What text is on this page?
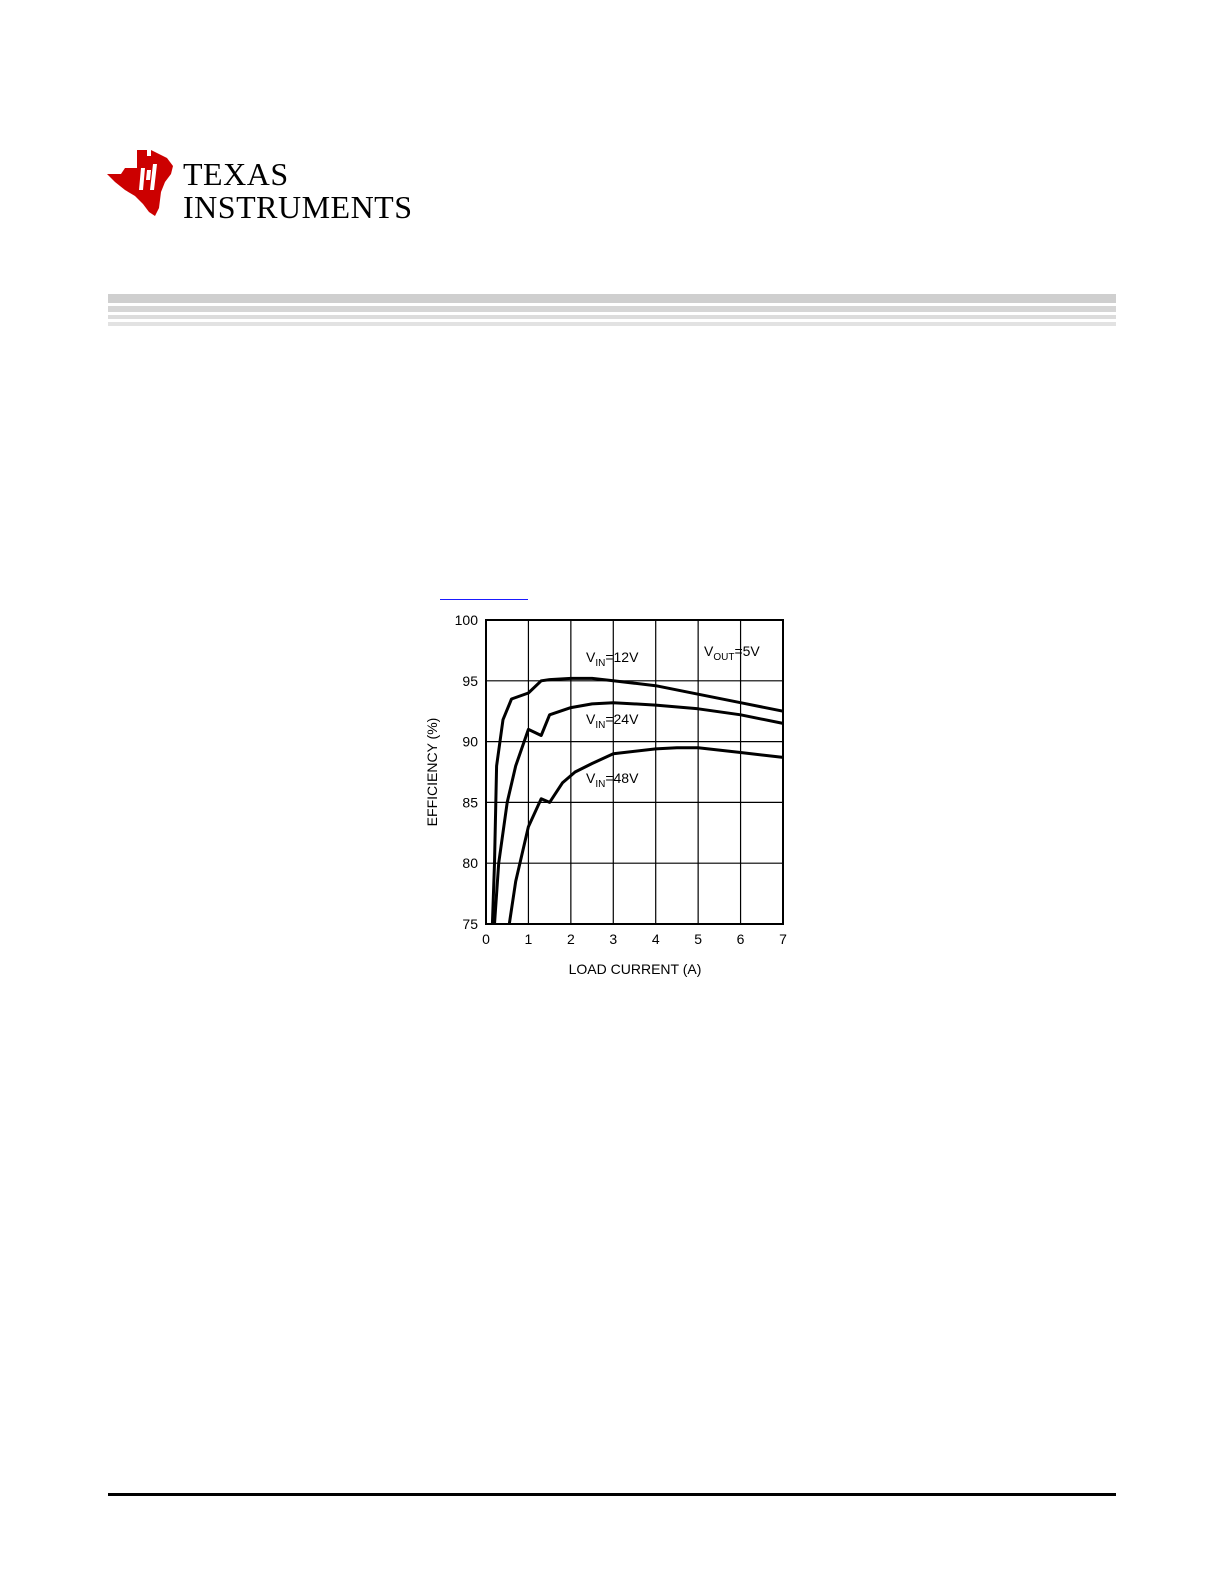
TEXAS
INSTRUMENTS
0 1 2 3 4 5 6 7
75
80
85
90
95
100
LOAD CURRENT (A)
EFFICIENCY (%)
$V_{OUT}=5V$
$V_{IN}=12V$
$V_{IN}=24V$
$V_{IN}=48V$
